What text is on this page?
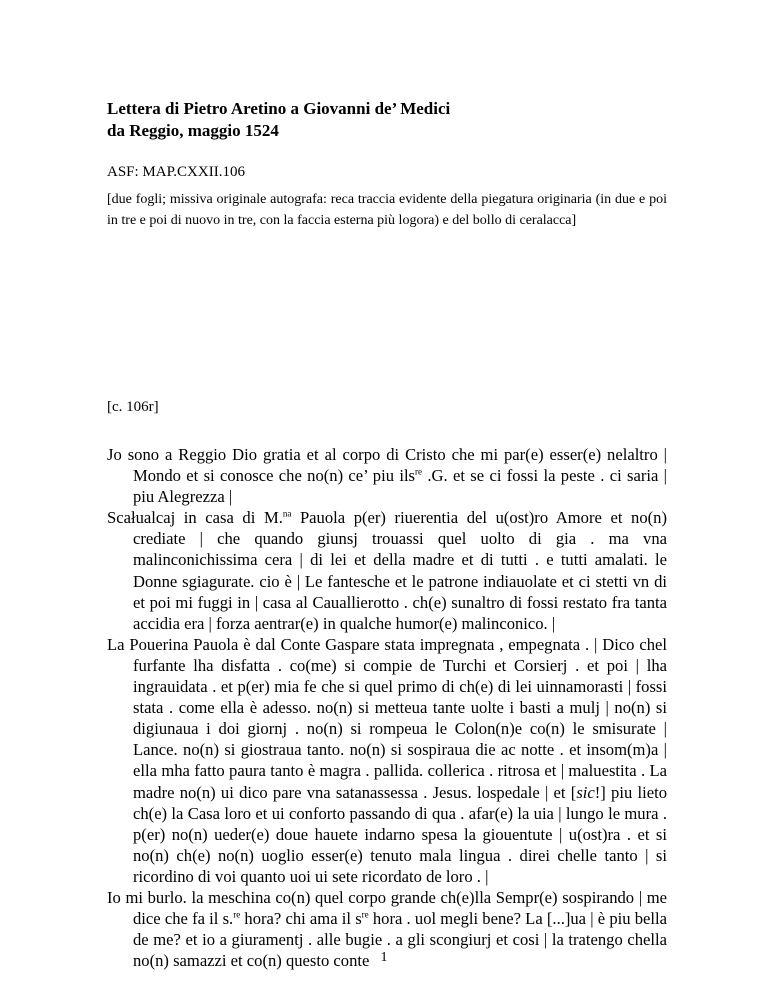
Lettera di Pietro Aretino a Giovanni de’ Medici
da Reggio, maggio 1524
ASF: MAP.CXXII.106
[due fogli; missiva originale autografa: reca traccia evidente della piegatura originaria (in due e poi in tre e poi di nuovo in tre, con la faccia esterna più logora) e del bollo di ceralacca]
[c. 106r]

Jo sono a Reggio Dio gratia et al corpo di Cristo che mi par(e) esser(e) nelaltro | Mondo et si conosce che no(n) ce’ piu ils$^{re}$ .G. et se ci fossi la peste . ci saria | piu Alegrezza |

Scałualcaj in casa di M.$^{na}$ Pauola p(er) riuerentia del u(ost)ro Amore et no(n) crediate | che quando giunsj trouassi quel uolto di gia . ma vna malinconichissima cera | di lei et della madre et di tutti . e tutti amalati. le Donne sgiagurate. cio è | Le fantesche et le patrone indiauolate et ci stetti vn di et poi mi fuggi in | casa al Cauallierotto . ch(e) sunaltro di fossi restato fra tanta accidia era | forza aentrar(e) in qualche humor(e) malinconico. |

La Pouerina Pauola è dal Conte Gaspare stata impregnata , empegnata . | Dico chel furfante lha disfatta . co(me) si compie de Turchi et Corsierj . et poi | lha ingrauidata . et p(er) mia fe che si quel primo di ch(e) di lei uinnamorasti | fossi stata . come ella è adesso. no(n) si metteua tante uolte i basti a mulj | no(n) si digiunaua i doi giornj . no(n) si rompeua le Colon(n)e co(n) le smisurate | Lance. no(n) si giostraua tanto. no(n) si sospiraua die ac notte . et insom(m)a | ella mha fatto paura tanto è magra . pallida. collerica . ritrosa et | maluestita . La madre no(n) ui dico pare vna satanassessa . Jesus. lospedale | et [sic!] piu lieto ch(e) la Casa loro et ui conforto passando di qua . afar(e) la uia | lungo le mura . p(er) no(n) ueder(e) doue hauete indarno spesa la giouentute | u(ost)ra . et si no(n) ch(e) no(n) uoglio esser(e) tenuto mala lingua . direi chelle tanto | si ricordino di voi quanto uoi ui sete ricordato de loro . |

Io mi burlo. la meschina co(n) quel corpo grande ch(e)lla Sempr(e) sospirando | me dice che fa il s.$^{re}$ hora? chi ama il $s^{re}$ hora . uol megli bene? La [...]ua | è piu bella de me? et io a giuramentj . alle bugie . a gli scongiurj et cosi | la tratengo chella no(n) samazzi et co(n) questo conte 1
